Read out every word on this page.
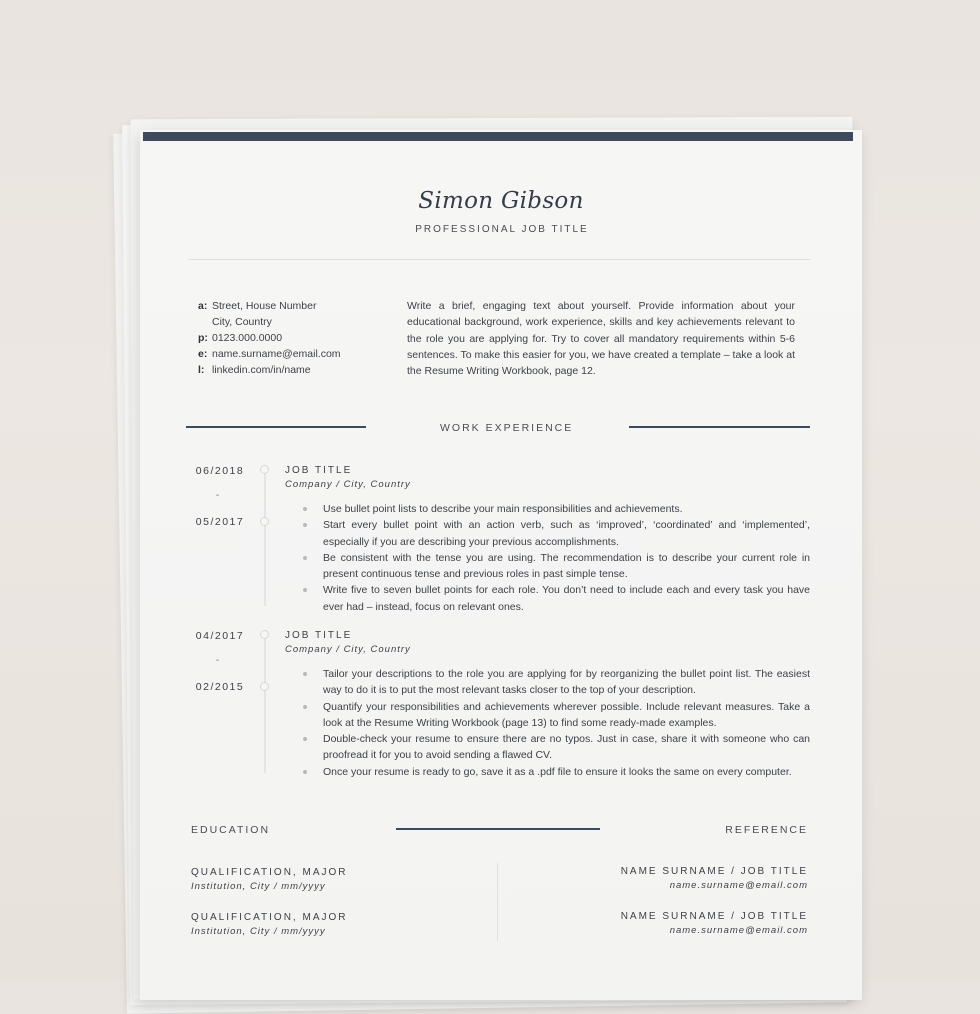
Simon Gibson
PROFESSIONAL JOB TITLE
a: Street, House Number
City, Country
p: 0123.000.0000
e: name.surname@email.com
l: linkedin.com/in/name
Write a brief, engaging text about yourself. Provide information about your educational background, work experience, skills and key achievements relevant to the role you are applying for. Try to cover all mandatory requirements within 5-6 sentences. To make this easier for you, we have created a template – take a look at the Resume Writing Workbook, page 12.
WORK EXPERIENCE
06/2018
-
05/2017
JOB TITLE
Company / City, Country
Use bullet point lists to describe your main responsibilities and achievements.
Start every bullet point with an action verb, such as ‘improved’, ‘coordinated’ and ‘implemented’, especially if you are describing your previous accomplishments.
Be consistent with the tense you are using. The recommendation is to describe your current role in present continuous tense and previous roles in past simple tense.
Write five to seven bullet points for each role. You don’t need to include each and every task you have ever had – instead, focus on relevant ones.
04/2017
-
02/2015
JOB TITLE
Company / City, Country
Tailor your descriptions to the role you are applying for by reorganizing the bullet point list. The easiest way to do it is to put the most relevant tasks closer to the top of your description.
Quantify your responsibilities and achievements wherever possible. Include relevant measures. Take a look at the Resume Writing Workbook (page 13) to find some ready-made examples.
Double-check your resume to ensure there are no typos. Just in case, share it with someone who can proofread it for you to avoid sending a flawed CV.
Once your resume is ready to go, save it as a .pdf file to ensure it looks the same on every computer.
EDUCATION	REFERENCE
QUALIFICATION, MAJOR
Institution, City / mm/yyyy
QUALIFICATION, MAJOR
Institution, City / mm/yyyy
NAME SURNAME / JOB TITLE
name.surname@email.com
NAME SURNAME / JOB TITLE
name.surname@email.com
